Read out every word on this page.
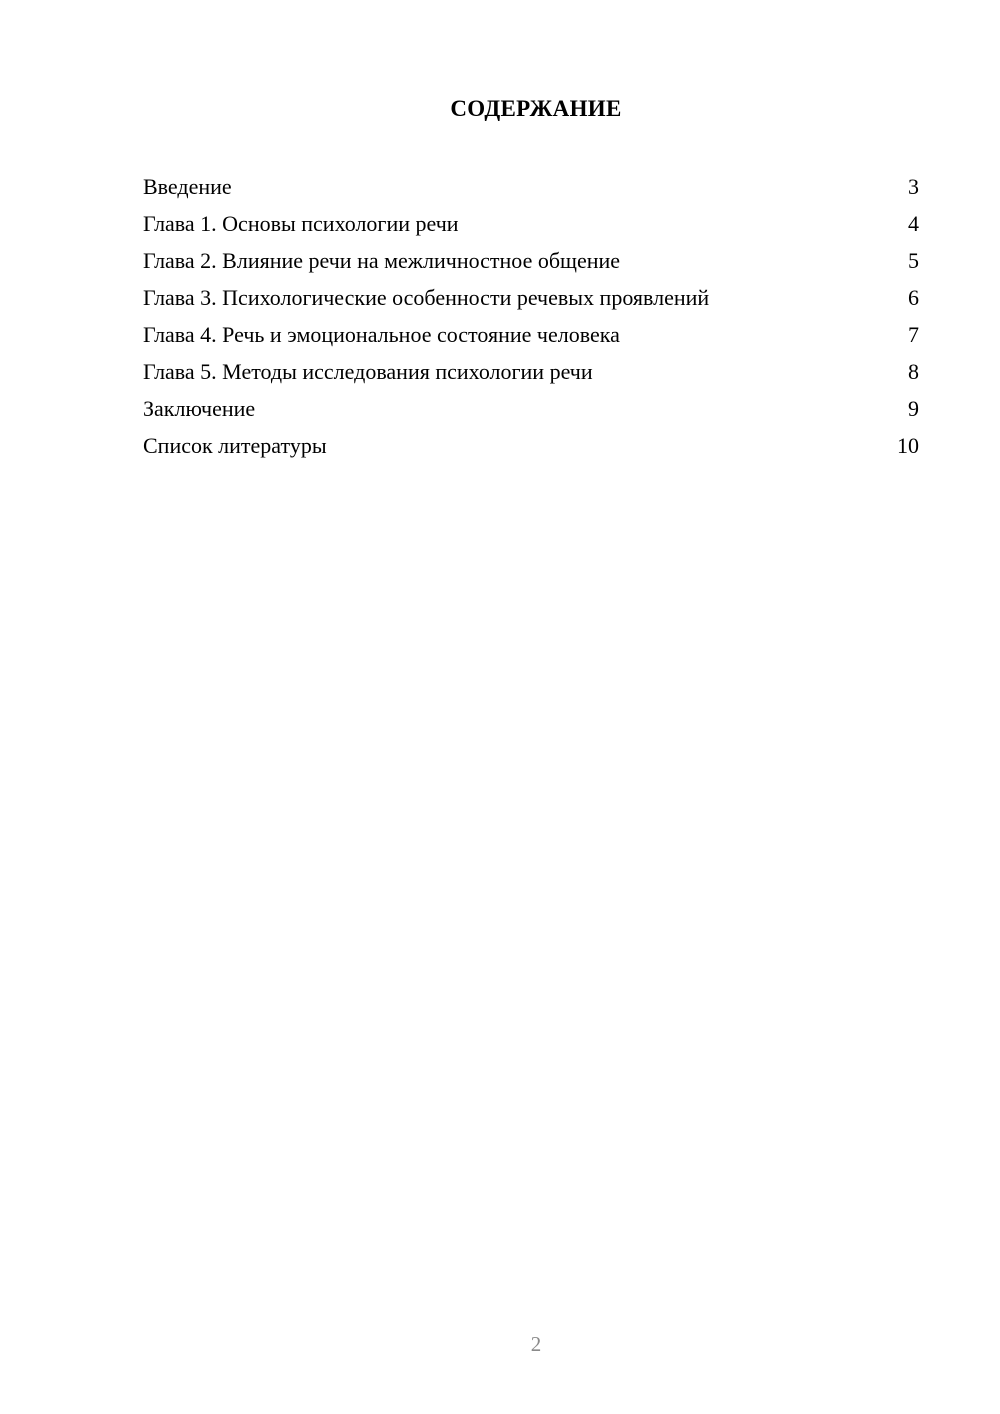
СОДЕРЖАНИЕ
Введение	3
Глава 1. Основы психологии речи	4
Глава 2. Влияние речи на межличностное общение	5
Глава 3. Психологические особенности речевых проявлений	6
Глава 4. Речь и эмоциональное состояние человека	7
Глава 5. Методы исследования психологии речи	8
Заключение	9
Список литературы	10
2
